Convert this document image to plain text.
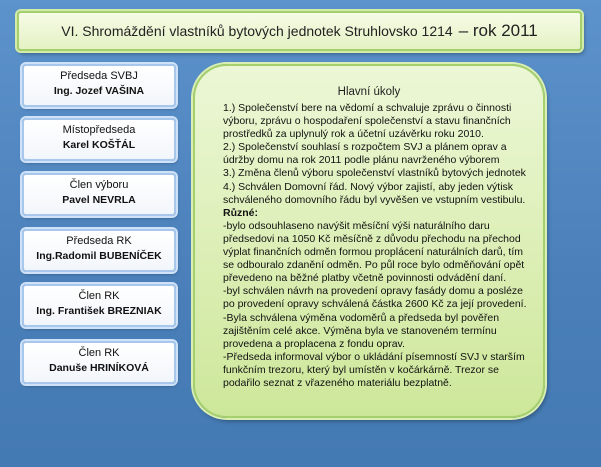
VI. Shromáždění vlastníků bytových jednotek Struhlovsko 1214 – rok 2011
Předseda SVBJ
Ing. Jozef VAŠINA
Místopředseda
Karel KOŠŤÁL
Člen výboru
Pavel NEVRLA
Předseda RK
Ing.Radomil BUBENÍČEK
Člen RK
Ing. František BREZNIAK
Člen RK
Danuše HRINÍKOVÁ
Hlavní úkoly

1.) Společenství bere na vědomí a schvaluje zprávu o činnosti výboru, zprávu o hospodaření společenství a stavu finančních prostředků za uplynulý rok a účetní uzávěrku roku 2010.

2.) Společenství souhlasí s rozpočtem SVJ a plánem oprav a údržby domu na rok 2011 podle plánu navrženého výborem

3.) Změna členů výboru společenství vlastníků bytových jednotek

4.) Schválen Domovní řád. Nový výbor zajistí, aby jeden výtisk schváleného domovního řádu byl vyvěšen ve vstupním vestibulu.

Různé:

-bylo odsouhlaseno navýšit měsíční výši naturálního daru předsedovi na 1050 Kč měsíčně z důvodu přechodu na přechod výplat finančních odměn formou proplácení naturálních darů, tím se odbouralo zdanění odměn. Po půl roce bylo odměňování opět převedeno na běžné platby včetně povinnosti odvádění daní.

-byl schválen návrh na provedení opravy fasády domu a posléze po provedení opravy schválená částka 2600 Kč za její provedení.

-Byla schválena výměna vodoměrů a předseda byl pověřen zajištěním celé akce. Výměna byla ve stanoveném termínu provedena a proplacena z fondu oprav.

-Předseda informoval výbor o ukládání písemností SVJ v starším funkčním trezoru, který byl umístěn v kočárkárně. Trezor se podařilo seznat z vřazeného materiálu bezplatně.
